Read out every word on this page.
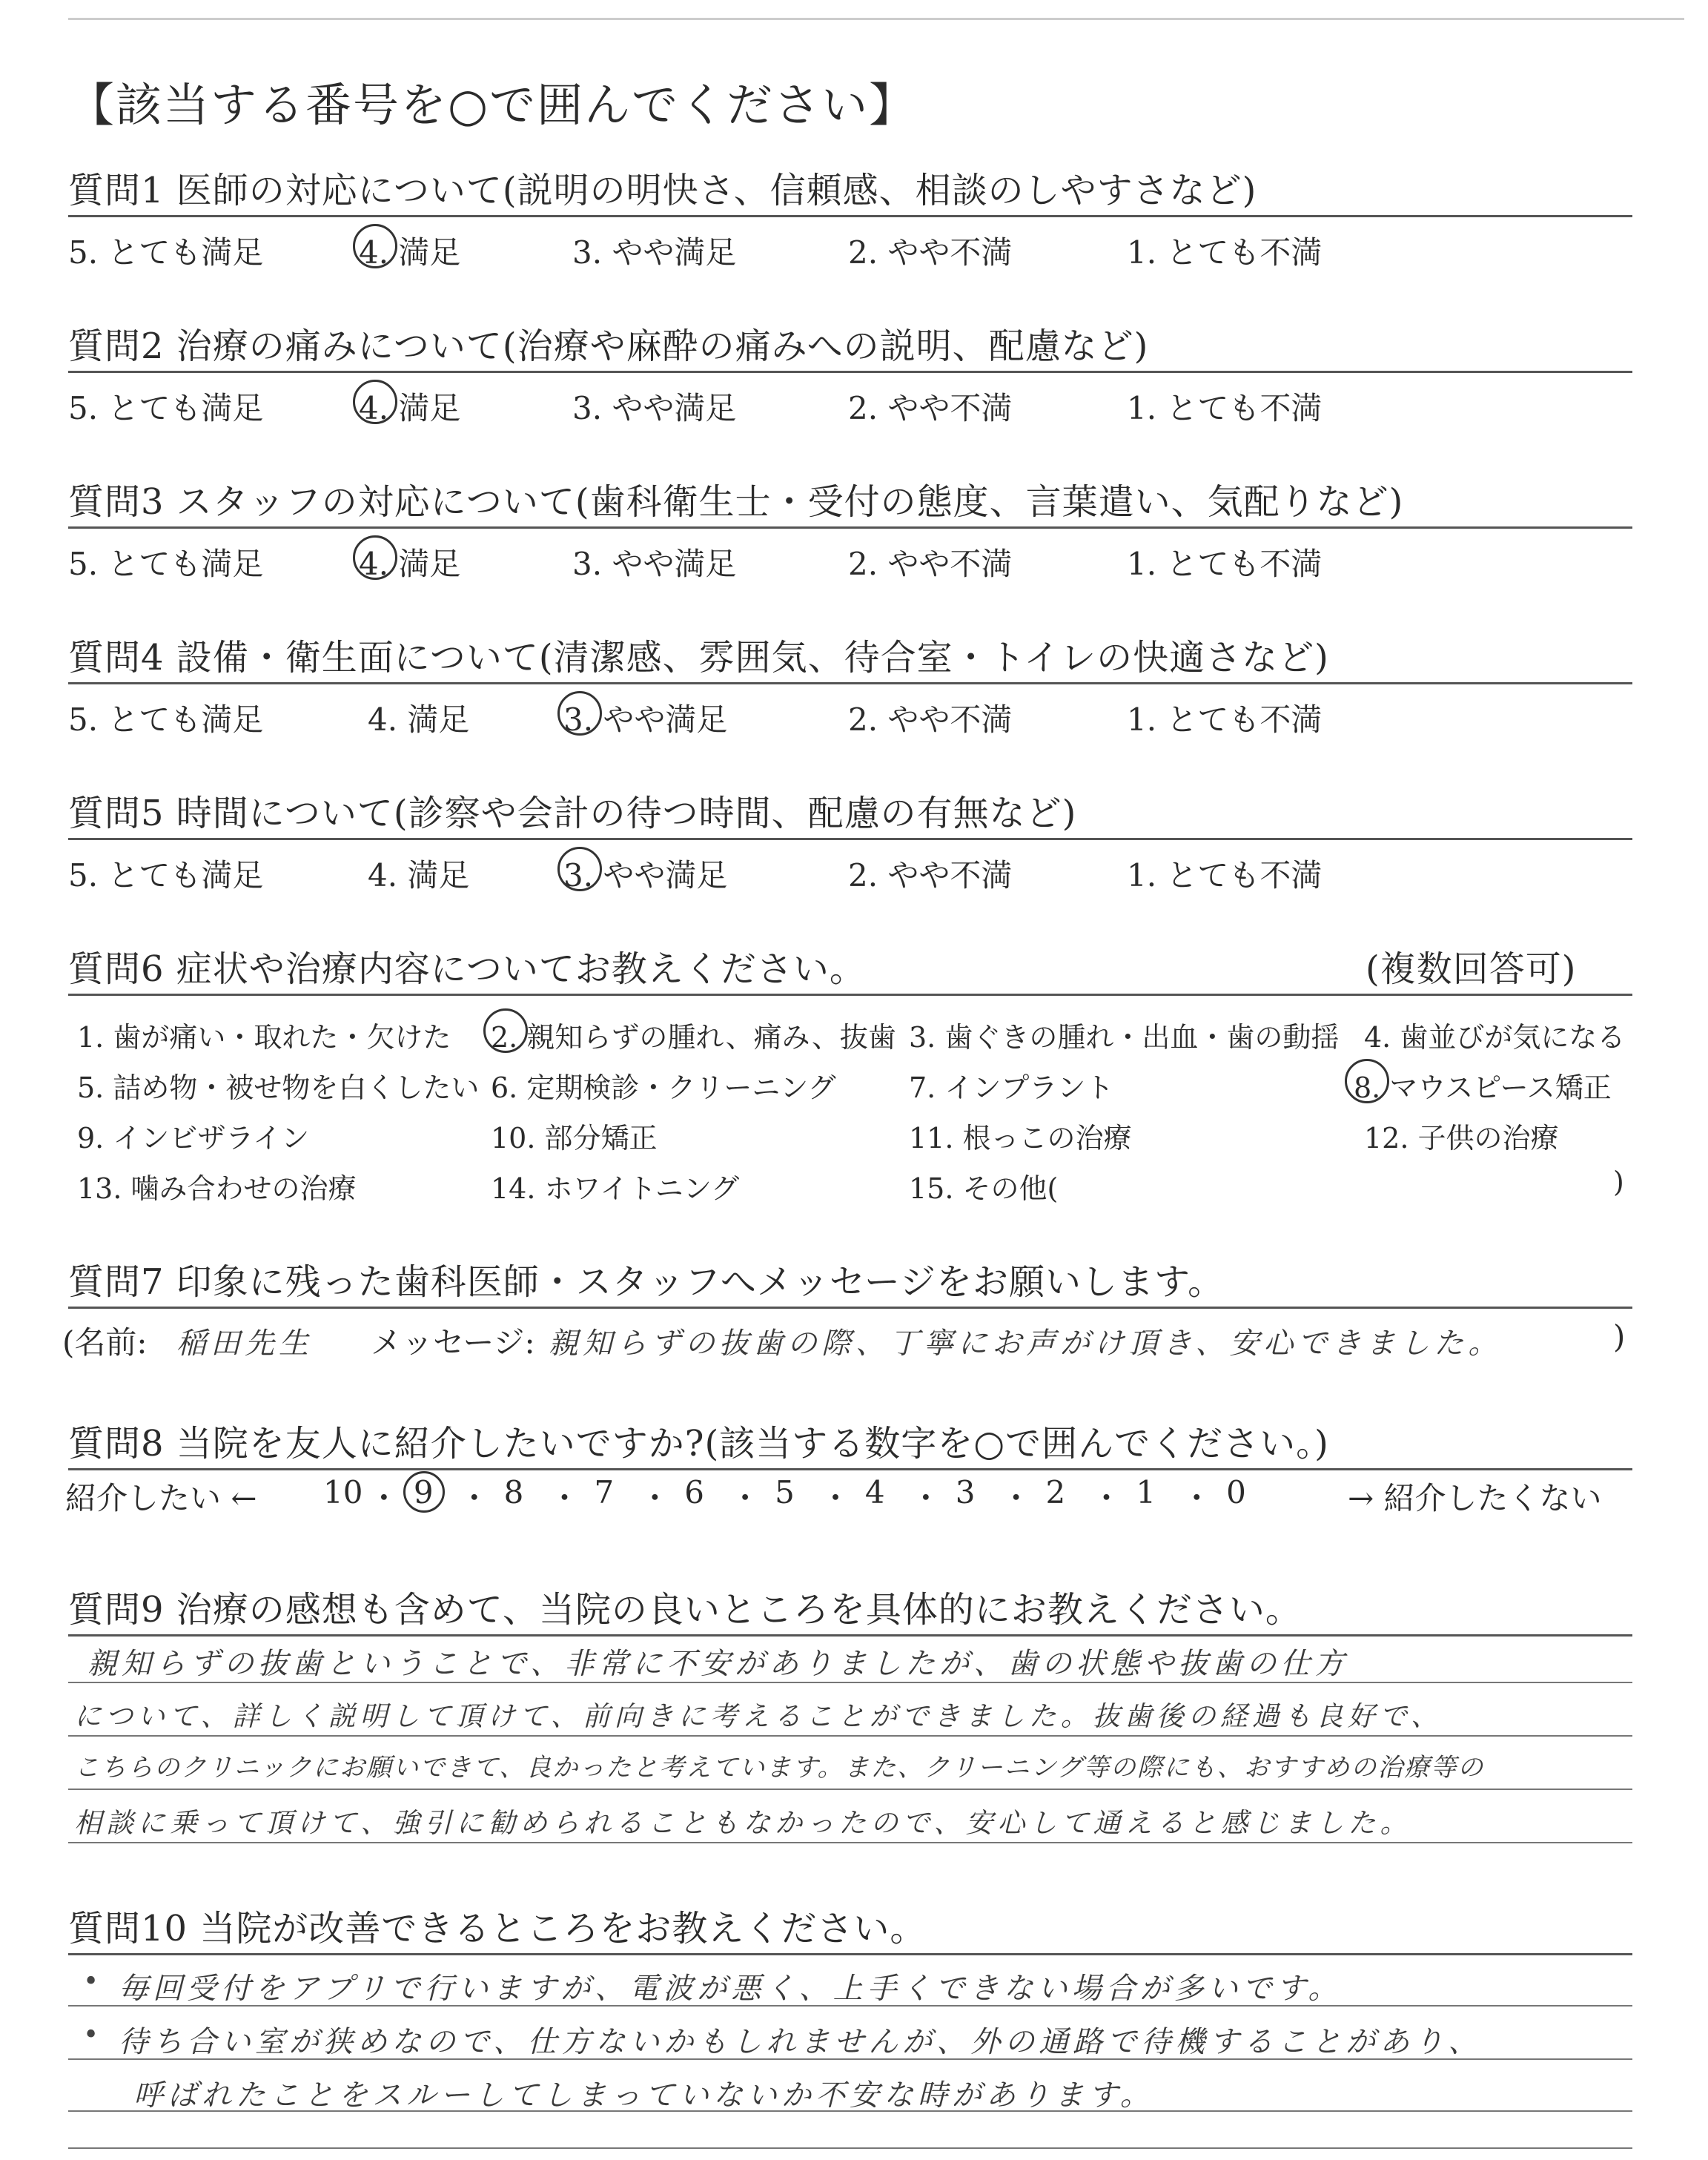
【該当する番号を○で囲んでください】
質問1 医師の対応について(説明の明快さ、信頼感、相談のしやすさなど)
5. とても満足	4. 満足	3. やや満足	2. やや不満	1. とても不満
質問2 治療の痛みについて(治療や麻酔の痛みへの説明、配慮など)
5. とても満足	4. 満足	3. やや満足	2. やや不満	1. とても不満
質問3 スタッフの対応について(歯科衛生士・受付の態度、言葉遣い、気配りなど)
5. とても満足	4. 満足	3. やや満足	2. やや不満	1. とても不満
質問4 設備・衛生面について(清潔感、雰囲気、待合室・トイレの快適さなど)
5. とても満足	4. 満足	3. やや満足	2. やや不満	1. とても不満
質問5 時間について(診察や会計の待つ時間、配慮の有無など)
5. とても満足	4. 満足	3. やや満足	2. やや不満	1. とても不満
質問6 症状や治療内容についてお教えください。	(複数回答可)
1. 歯が痛い・取れた・欠けた 2. 親知らずの腫れ、痛み、抜歯 3. 歯ぐきの腫れ・出血・歯の動揺 4. 歯並びが気になる
5. 詰め物・被せ物を白くしたい 6. 定期検診・クリーニング	7. インプラント	8. マウスピース矯正
9. インビザライン	10. 部分矯正	11. 根っこの治療	12. 子供の治療
13. 噛み合わせの治療	14. ホワイトニング	15. その他(	)
質問7 印象に残った歯科医師・スタッフへメッセージをお願いします。
(名前: 稲田先生 メッセージ: 親知らずの抜歯の際、丁寧にお声がけ頂き、安心できました。	)
質問8 当院を友人に紹介したいですか?(該当する数字を○で囲んでください。)
紹介したい ← 10 ・ 9 ・ 8 ・ 7 ・ 6 ・ 5 ・ 4 ・ 3 ・ 2 ・ 1 ・ 0	→ 紹介したくない
質問9 治療の感想も含めて、当院の良いところを具体的にお教えください。
親知らずの抜歯ということで、非常に不安がありましたが、歯の状態や抜歯の仕方
について、詳しく説明して頂けて、前向きに考えることができました。抜歯後の経過も良好で、
こちらのクリニックにお願いできて、良かったと考えています。また、クリーニング等の際にも、おすすめの治療等の
相談に乗って頂けて、強引に勧められることもなかったので、安心して通えると感じました。
質問10 当院が改善できるところをお教えください。
• 毎回受付をアプリで行いますが、電波が悪く、上手くできない場合が多いです。
• 待ち合い室が狭めなので、仕方ないかもしれませんが、外の通路で待機することがあり、
呼ばれたことをスルーしてしまっていないか不安な時があります。
